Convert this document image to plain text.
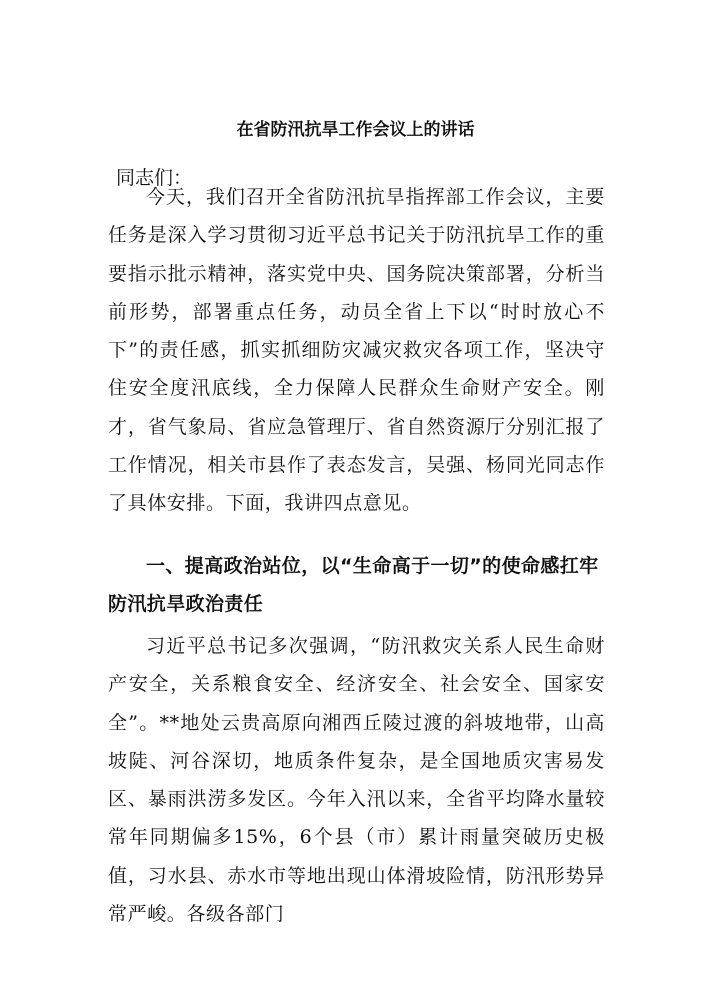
在省防汛抗旱工作会议上的讲话

同志们：

今天，我们召开全省防汛抗旱指挥部工作会议，主要任务是深入学习贯彻习近平总书记关于防汛抗旱工作的重要指示批示精神，落实党中央、国务院决策部署，分析当前形势，部署重点任务，动员全省上下以“时时放心不下”的责任感，抓实抓细防灾减灾救灾各项工作，坚决守住安全度汛底线，全力保障人民群众生命财产安全。刚才，省气象局、省应急管理厅、省自然资源厅分别汇报了工作情况，相关市县作了表态发言，吴强、杨同光同志作了具体安排。下面，我讲四点意见。

一、提高政治站位，以“生命高于一切”的使命感扛牢防汛抗旱政治责任

习近平总书记多次强调，“防汛救灾关系人民生命财产安全，关系粮食安全、经济安全、社会安全、国家安全”。**地处云贵高原向湘西丘陵过渡的斜坡地带，山高坡陡、河谷深切，地质条件复杂，是全国地质灾害易发区、暴雨洪涝多发区。今年入汛以来，全省平均降水量较常年同期偏多15%，6个县（市）累计雨量突破历史极值，习水县、赤水市等地出现山体滑坡险情，防汛形势异常严峻。各级各部门
